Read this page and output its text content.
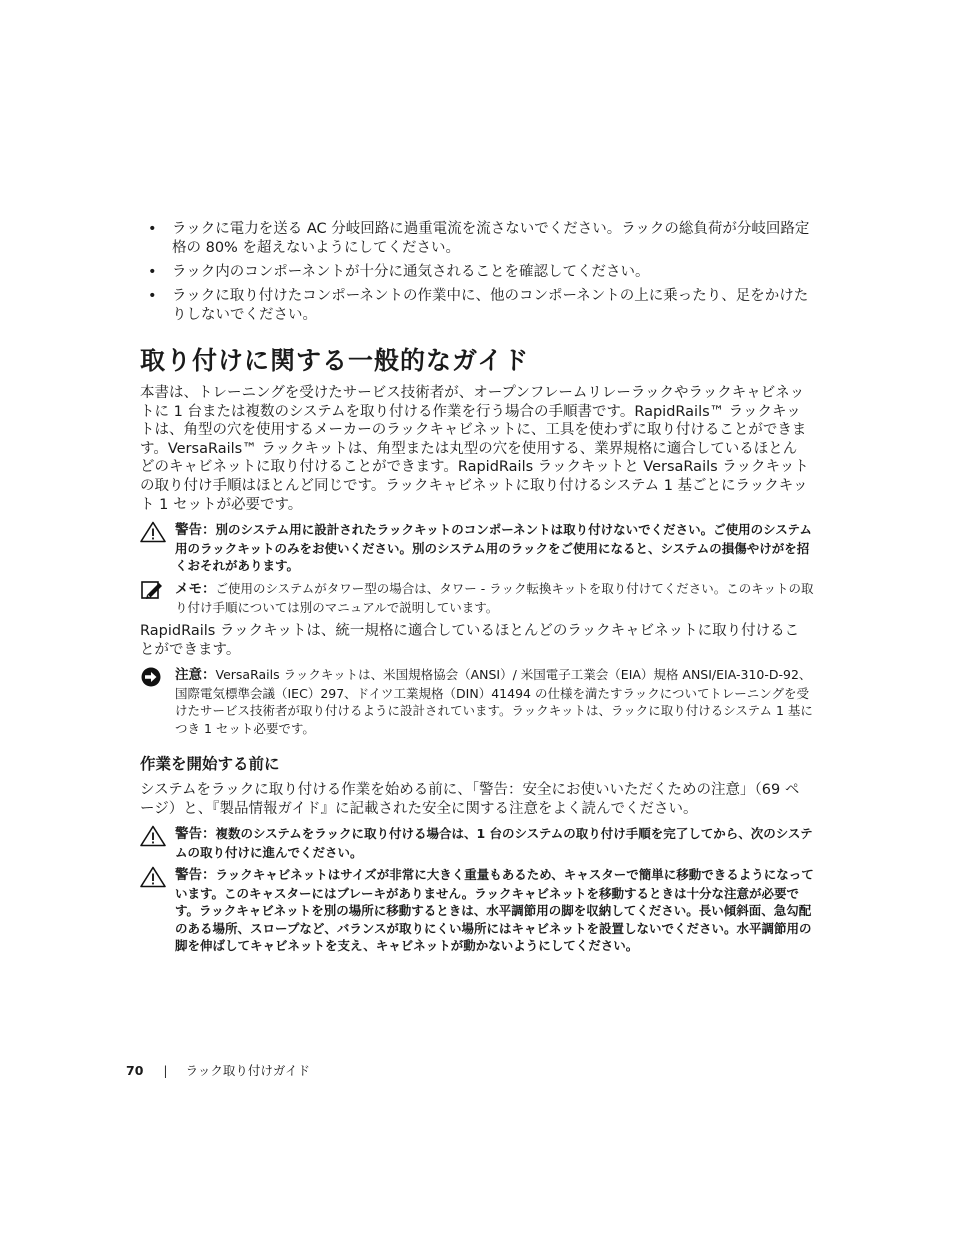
• ラックに電力を送る AC 分岐回路に過重電流を流さないでください。ラックの総負荷が分岐回路定格の 80% を超えないようにしてください。
• ラック内のコンポーネントが十分に通気されることを確認してください。
• ラックに取り付けたコンポーネントの作業中に、他のコンポーネントの上に乗ったり、足をかけたりしないでください。
取り付けに関する一般的なガイド

本書は、トレーニングを受けたサービス技術者が、オープンフレームリレーラックやラックキャビネットに 1 台または複数のシステムを取り付ける作業を行う場合の手順書です。RapidRails™ ラックキットは、角型の穴を使用するメーカーのラックキャビネットに、工具を使わずに取り付けることができます。VersaRails™ ラックキットは、角型または丸型の穴を使用する、業界規格に適合しているほとんどのキャビネットに取り付けることができます。RapidRails ラックキットと VersaRails ラックキットの取り付け手順はほとんど同じです。ラックキャビネットに取り付けるシステム 1 基ごとにラックキット 1 セットが必要です。

警告：別のシステム用に設計されたラックキットのコンポーネントは取り付けないでください。ご使用のシステム用のラックキットのみをお使いください。別のシステム用のラックをご使用になると、システムの損傷やけがを招くおそれがあります。
メモ：ご使用のシステムがタワー型の場合は、タワー - ラック転換キットを取り付けてください。このキットの取り付け手順については別のマニュアルで説明しています。

RapidRails ラックキットは、統一規格に適合しているほとんどのラックキャビネットに取り付けることができます。

注意：VersaRails ラックキットは、米国規格協会（ANSI）/ 米国電子工業会（EIA）規格 ANSI/EIA-310-D-92、国際電気標準会議（IEC）297、ドイツ工業規格（DIN）41494 の仕様を満たすラックについてトレーニングを受けたサービス技術者が取り付けるように設計されています。ラックキットは、ラックに取り付けるシステム 1 基につき 1 セット必要です。
作業を開始する前に

システムをラックに取り付ける作業を始める前に、「警告：安全にお使いいただくための注意」（69 ページ）と、『製品情報ガイド』に記載された安全に関する注意をよく読んでください。

警告：複数のシステムをラックに取り付ける場合は、1 台のシステムの取り付け手順を完了してから、次のシステムの取り付けに進んでください。
警告：ラックキャビネットはサイズが非常に大きく重量もあるため、キャスターで簡単に移動できるようになっています。このキャスターにはブレーキがありません。ラックキャビネットを移動するときは十分な注意が必要です。ラックキャビネットを別の場所に移動するときは、水平調節用の脚を収納してください。長い傾斜面、急勾配のある場所、スロープなど、バランスが取りにくい場所にはキャビネットを設置しないでください。水平調節用の脚を伸ばしてキャビネットを支え、キャビネットが動かないようにしてください。
70 | ラック取り付けガイド
